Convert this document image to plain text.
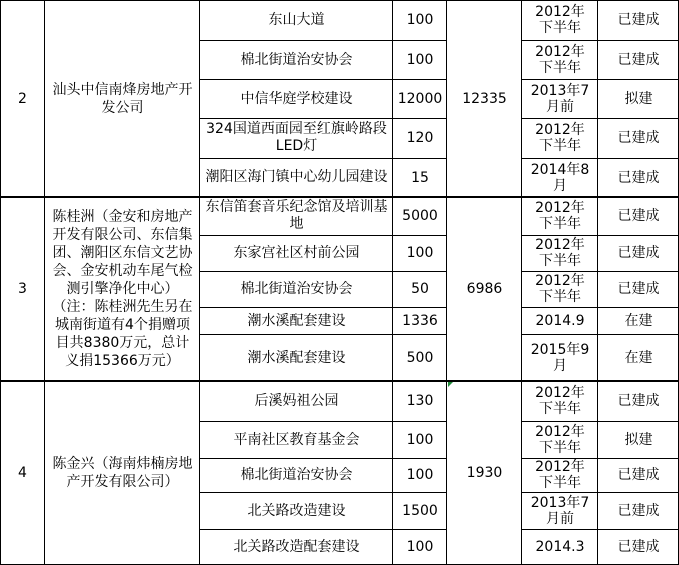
2
汕头中信南烽房地产开发公司
12335
东山大道	100	2012年下半年	已建成
棉北街道治安协会	100	2012年下半年	已建成
中信华庭学校建设	12000	2013年7月前	拟建
324国道西面园至红旗岭路段LED灯	120	2012年下半年	已建成
潮阳区海门镇中心幼儿园建设 15	2014年8月	已建成
3
陈桂洲（金安和房地产开发有限公司、东信集团、潮阳区东信文艺协会、金安机动车尾气检测引擎净化中心）（注：陈桂洲先生另在城南街道有4个捐赠项目共8380万元，总计义捐15366万元）
6986
东信笛套音乐纪念馆及培训基地	5000	2012年下半年	已建成
东家宫社区村前公园	100	2012年下半年	已建成
棉北街道治安协会	50	2012年下半年	已建成
潮水溪配套建设	1336	2014.9	在建
潮水溪配套建设	500	2015年9月	在建
4
陈金兴（海南炜楠房地产开发有限公司）
1930
后溪妈祖公园	130	2012年下半年	已建成
平南社区教育基金会	100	2012年下半年	拟建
棉北街道治安协会	100	2012年下半年	已建成
北关路改造建设	1500	2013年7月前	已建成
北关路改造配套建设	100	2014.3 已建成
